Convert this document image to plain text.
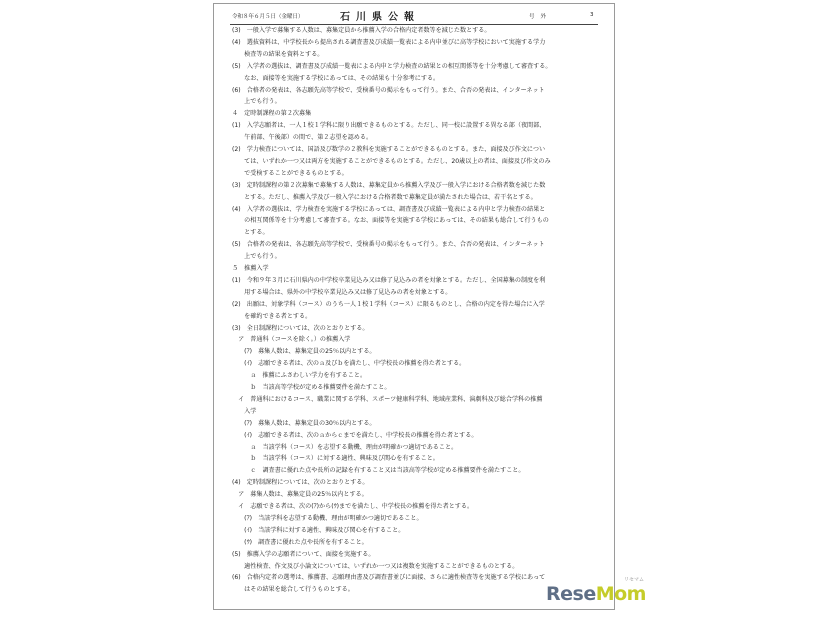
令和８年６月５日（金曜日）	石川県公報	号外	3
(3)　一般入学で募集する人数は、募集定員から推薦入学の合格内定者数等を減じた数とする。
(4)　選抜資料は、中学校長から提出される調査書及び成績一覧表による内申並びに高等学校において実施する学力
　　検査等の結果を資料とする。
(5)　入学者の選抜は、調査書及び成績一覧表による内申と学力検査の結果との相互関係等を十分考慮して審査する。
　　なお、面接等を実施する学校にあっては、その結果も十分参考にする。
(6)　合格者の発表は、各志願先高等学校で、受検番号の掲示をもって行う。また、合否の発表は、インターネット
　　上でも行う。
４　定時制課程の第２次募集
(1)　入学志願者は、一人１校１学科に限り出願できるものとする。ただし、同一校に設置する異なる部（夜間部、
　　午前部、午後部）の間で、第２志望を認める。
(2)　学力検査については、国語及び数学の２教科を実施することができるものとする。また、面接及び作文につい
　　ては、いずれか一つ又は両方を実施することができるものとする。ただし、20歳以上の者は、面接及び作文のみ
　　で受検することができるものとする。
(3)　定時制課程の第２次募集で募集する人数は、募集定員から推薦入学及び一般入学における合格者数を減じた数
　　とする。ただし、推薦入学及び一般入学における合格者数で募集定員が満たされた場合は、若干名とする。
(4)　入学者の選抜は、学力検査を実施する学校にあっては、調査書及び成績一覧表による内申と学力検査の結果と
　　の相互関係等を十分考慮して審査する。なお、面接等を実施する学校にあっては、その結果も総合して行うもの
　　とする。
(5)　合格者の発表は、各志願先高等学校で、受検番号の掲示をもって行う。また、合否の発表は、インターネット
　　上でも行う。
５　推薦入学
(1)　令和９年３月に石川県内の中学校卒業見込み又は修了見込みの者を対象とする。ただし、全国募集の制度を利
　　用する場合は、県外の中学校卒業見込み又は修了見込みの者を対象とする。
(2)　出願は、対象学科（コース）のうち一人１校１学科（コース）に限るものとし、合格の内定を得た場合に入学
　　を確約できる者とする。
(3)　全日制課程については、次のとおりとする。
　ア　普通科（コースを除く。）の推薦入学
　　(ｱ)　募集人数は、募集定員の25％以内とする。
　　(ｲ)　志願できる者は、次のａ及びｂを満たし、中学校長の推薦を得た者とする。
　　　ａ　推薦にふさわしい学力を有すること。
　　　ｂ　当該高等学校が定める推薦要件を満たすこと。
　イ　普通科におけるコース、職業に関する学科、スポーツ健康科学科、地域産業科、演劇科及び総合学科の推薦
　　入学
　　(ｱ)　募集人数は、募集定員の30％以内とする。
　　(ｲ)　志願できる者は、次のａからｃまでを満たし、中学校長の推薦を得た者とする。
　　　ａ　当該学科（コース）を志望する動機、理由が明確かつ適切であること。
　　　ｂ　当該学科（コース）に対する適性、興味及び関心を有すること。
　　　ｃ　調査書に優れた点や長所の記録を有すること又は当該高等学校が定める推薦要件を満たすこと。
(4)　定時制課程については、次のとおりとする。
　ア　募集人数は、募集定員の25％以内とする。
　イ　志願できる者は、次の(ｱ)から(ｳ)までを満たし、中学校長の推薦を得た者とする。
　　(ｱ)　当該学科を志望する動機、理由が明確かつ適切であること。
　　(ｲ)　当該学科に対する適性、興味及び関心を有すること。
　　(ｳ)　調査書に優れた点や長所を有すること。
(5)　推薦入学の志願者について、面接を実施する。
　　適性検査、作文及び小論文については、いずれか一つ又は複数を実施することができるものとする。
(6)　合格内定者の選考は、推薦書、志願理由書及び調査書並びに面接、さらに適性検査等を実施する学校にあって
　　はその結果を総合して行うものとする。
リセマム
ReseMom
